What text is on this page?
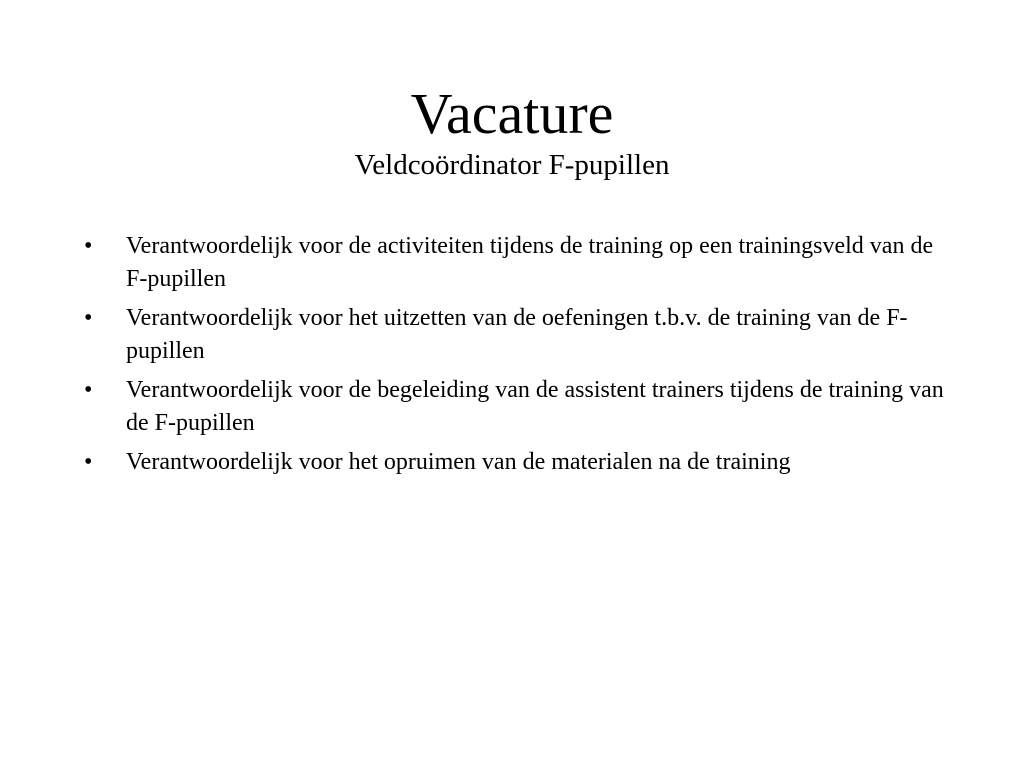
Vacature
Veldcoördinator F-pupillen
•	Verantwoordelijk voor de activiteiten tijdens de training op een trainingsveld van de F-pupillen
•	Verantwoordelijk voor het uitzetten van de oefeningen t.b.v. de training van de F-pupillen
•	Verantwoordelijk voor de begeleiding van de assistent trainers tijdens de training van de F-pupillen
•	Verantwoordelijk voor het opruimen van de materialen na de training
